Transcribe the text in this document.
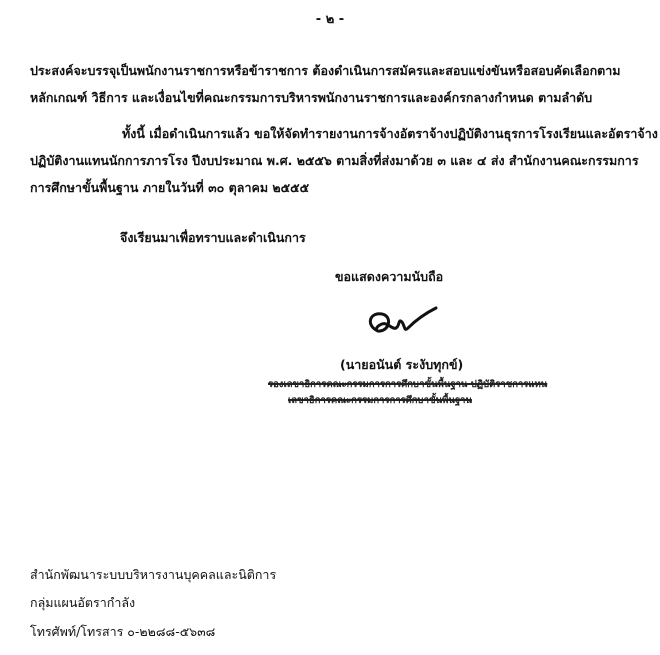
- ๒ -
ประสงค์จะบรรจุเป็นพนักงานราชการหรือข้าราชการ ต้องดำเนินการสมัครและสอบแข่งขันหรือสอบคัดเลือกตาม
หลักเกณฑ์ วิธีการ และเงื่อนไขที่คณะกรรมการบริหารพนักงานราชการและองค์กรกลางกำหนด ตามลำดับ
ทั้งนี้ เมื่อดำเนินการแล้ว ขอให้จัดทำรายงานการจ้างอัตราจ้างปฏิบัติงานธุรการโรงเรียนและอัตราจ้าง
ปฏิบัติงานแทนนักการภารโรง ปีงบประมาณ พ.ศ. ๒๕๕๖ ตามสิ่งที่ส่งมาด้วย ๓ และ ๔ ส่ง สำนักงานคณะกรรมการ
การศึกษาขั้นพื้นฐาน ภายในวันที่ ๓๐ ตุลาคม ๒๕๕๕
จึงเรียนมาเพื่อทราบและดำเนินการ
ขอแสดงความนับถือ
(นายอนันต์ ระงับทุกข์)
รองเลขาธิการคณะกรรมการการศึกษาขั้นพื้นฐาน ปฏิบัติราชการแทน
เลขาธิการคณะกรรมการการศึกษาขั้นพื้นฐาน
สำนักพัฒนาระบบบริหารงานบุคคลและนิติการ
กลุ่มแผนอัตรากำลัง
โทรศัพท์/โทรสาร ๐-๒๒๘๘-๕๖๓๘
